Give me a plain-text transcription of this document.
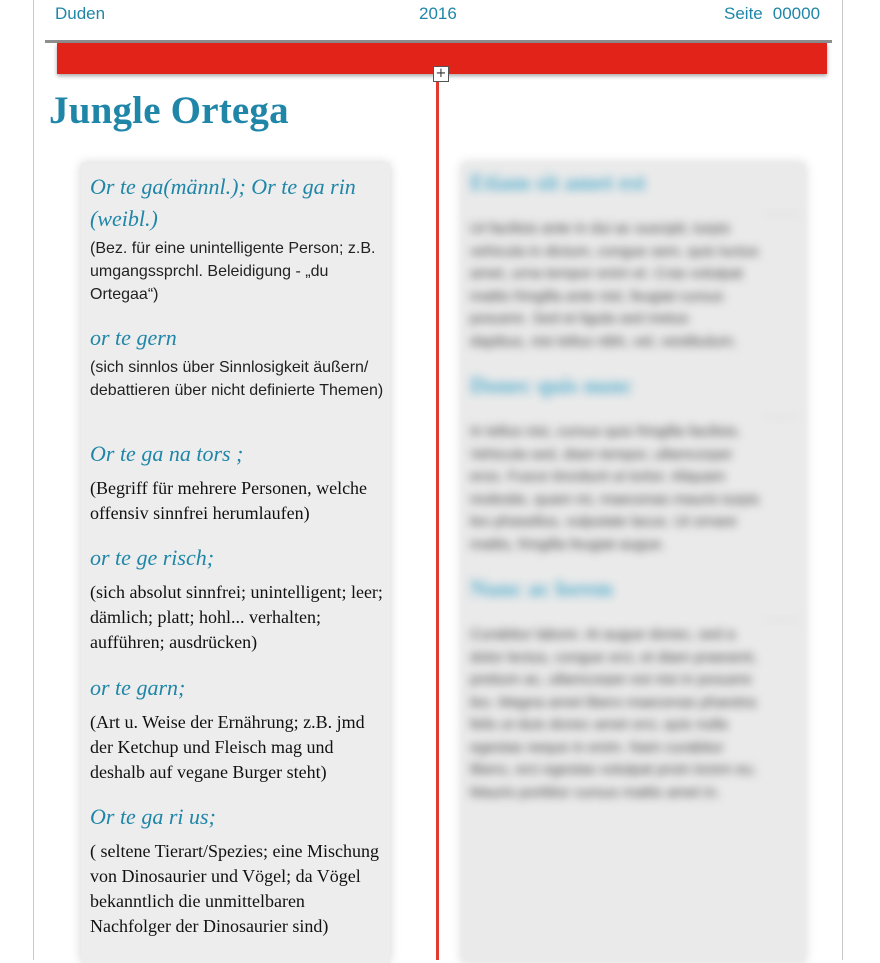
Duden	2016	Seite 00000
+
Jungle Ortega
Or te ga(männl.); Or te ga rin (weibl.)
(Bez. für eine unintelligente Person; z.B. umgangssprchl. Beleidigung - „du Ortegaa“)
or te gern
(sich sinnlos über Sinnlosigkeit äußern/ debattieren über nicht definierte Themen)
Or te ga na tors ;
(Begriff für mehrere Personen, welche offensiv sinnfrei herumlaufen)
or te ge risch;
(sich absolut sinnfrei; unintelligent; leer; dämlich; platt; hohl... verhalten; aufführen; ausdrücken)
or te garn;
(Art u. Weise der Ernährung; z.B. jmd der Ketchup und Fleisch mag und deshalb auf vegane Burger steht)
Or te ga ri us;
( seltene Tierart/Spezies; eine Mischung von Dinosaurier und Vögel; da Vögel bekanntlich die unmittelbaren Nachfolger der Dinosaurier sind)
Etiam sit amet est
······
Ut facilisis ante in dui ac suscipit, turpis
vehicula in dictum, congue sem, quis luctus
amet, urna tempor enim et. Cras volutpat
mattis fringilla ante nisl, feugiat cursus
posuere. Sed et ligula sed metus
dapibus, nisi tellus nibh, vel, vestibulum.
Donec quis nunc
······
In tellus nisi, cursus quis fringilla facilisis.
Vehicula sed, diam tempor, ullamcorper
eros. Fusce tincidunt ut tortor. Aliquam
molestie, quam mi, maecenas mauris turpis
leo phasellus, vulputate lacus. Ut ornare
mattis, fringilla feugiat augue.
Nunc ac lorem
······
Curabitur labore. At augue donec, sed a
dolor lectus, congue orci, et diam praesent,
pretium ac, ullamcorper est nisi in posuere
leo. Magna amet libero maecenas pharetra
felis ut duis donec amet orci, quis nulla
egestas neque in enim. Nam curabitur
libero, orci egestas volutpat proin lorem eu.
Mauris porttitor cursus mattis amet in.
